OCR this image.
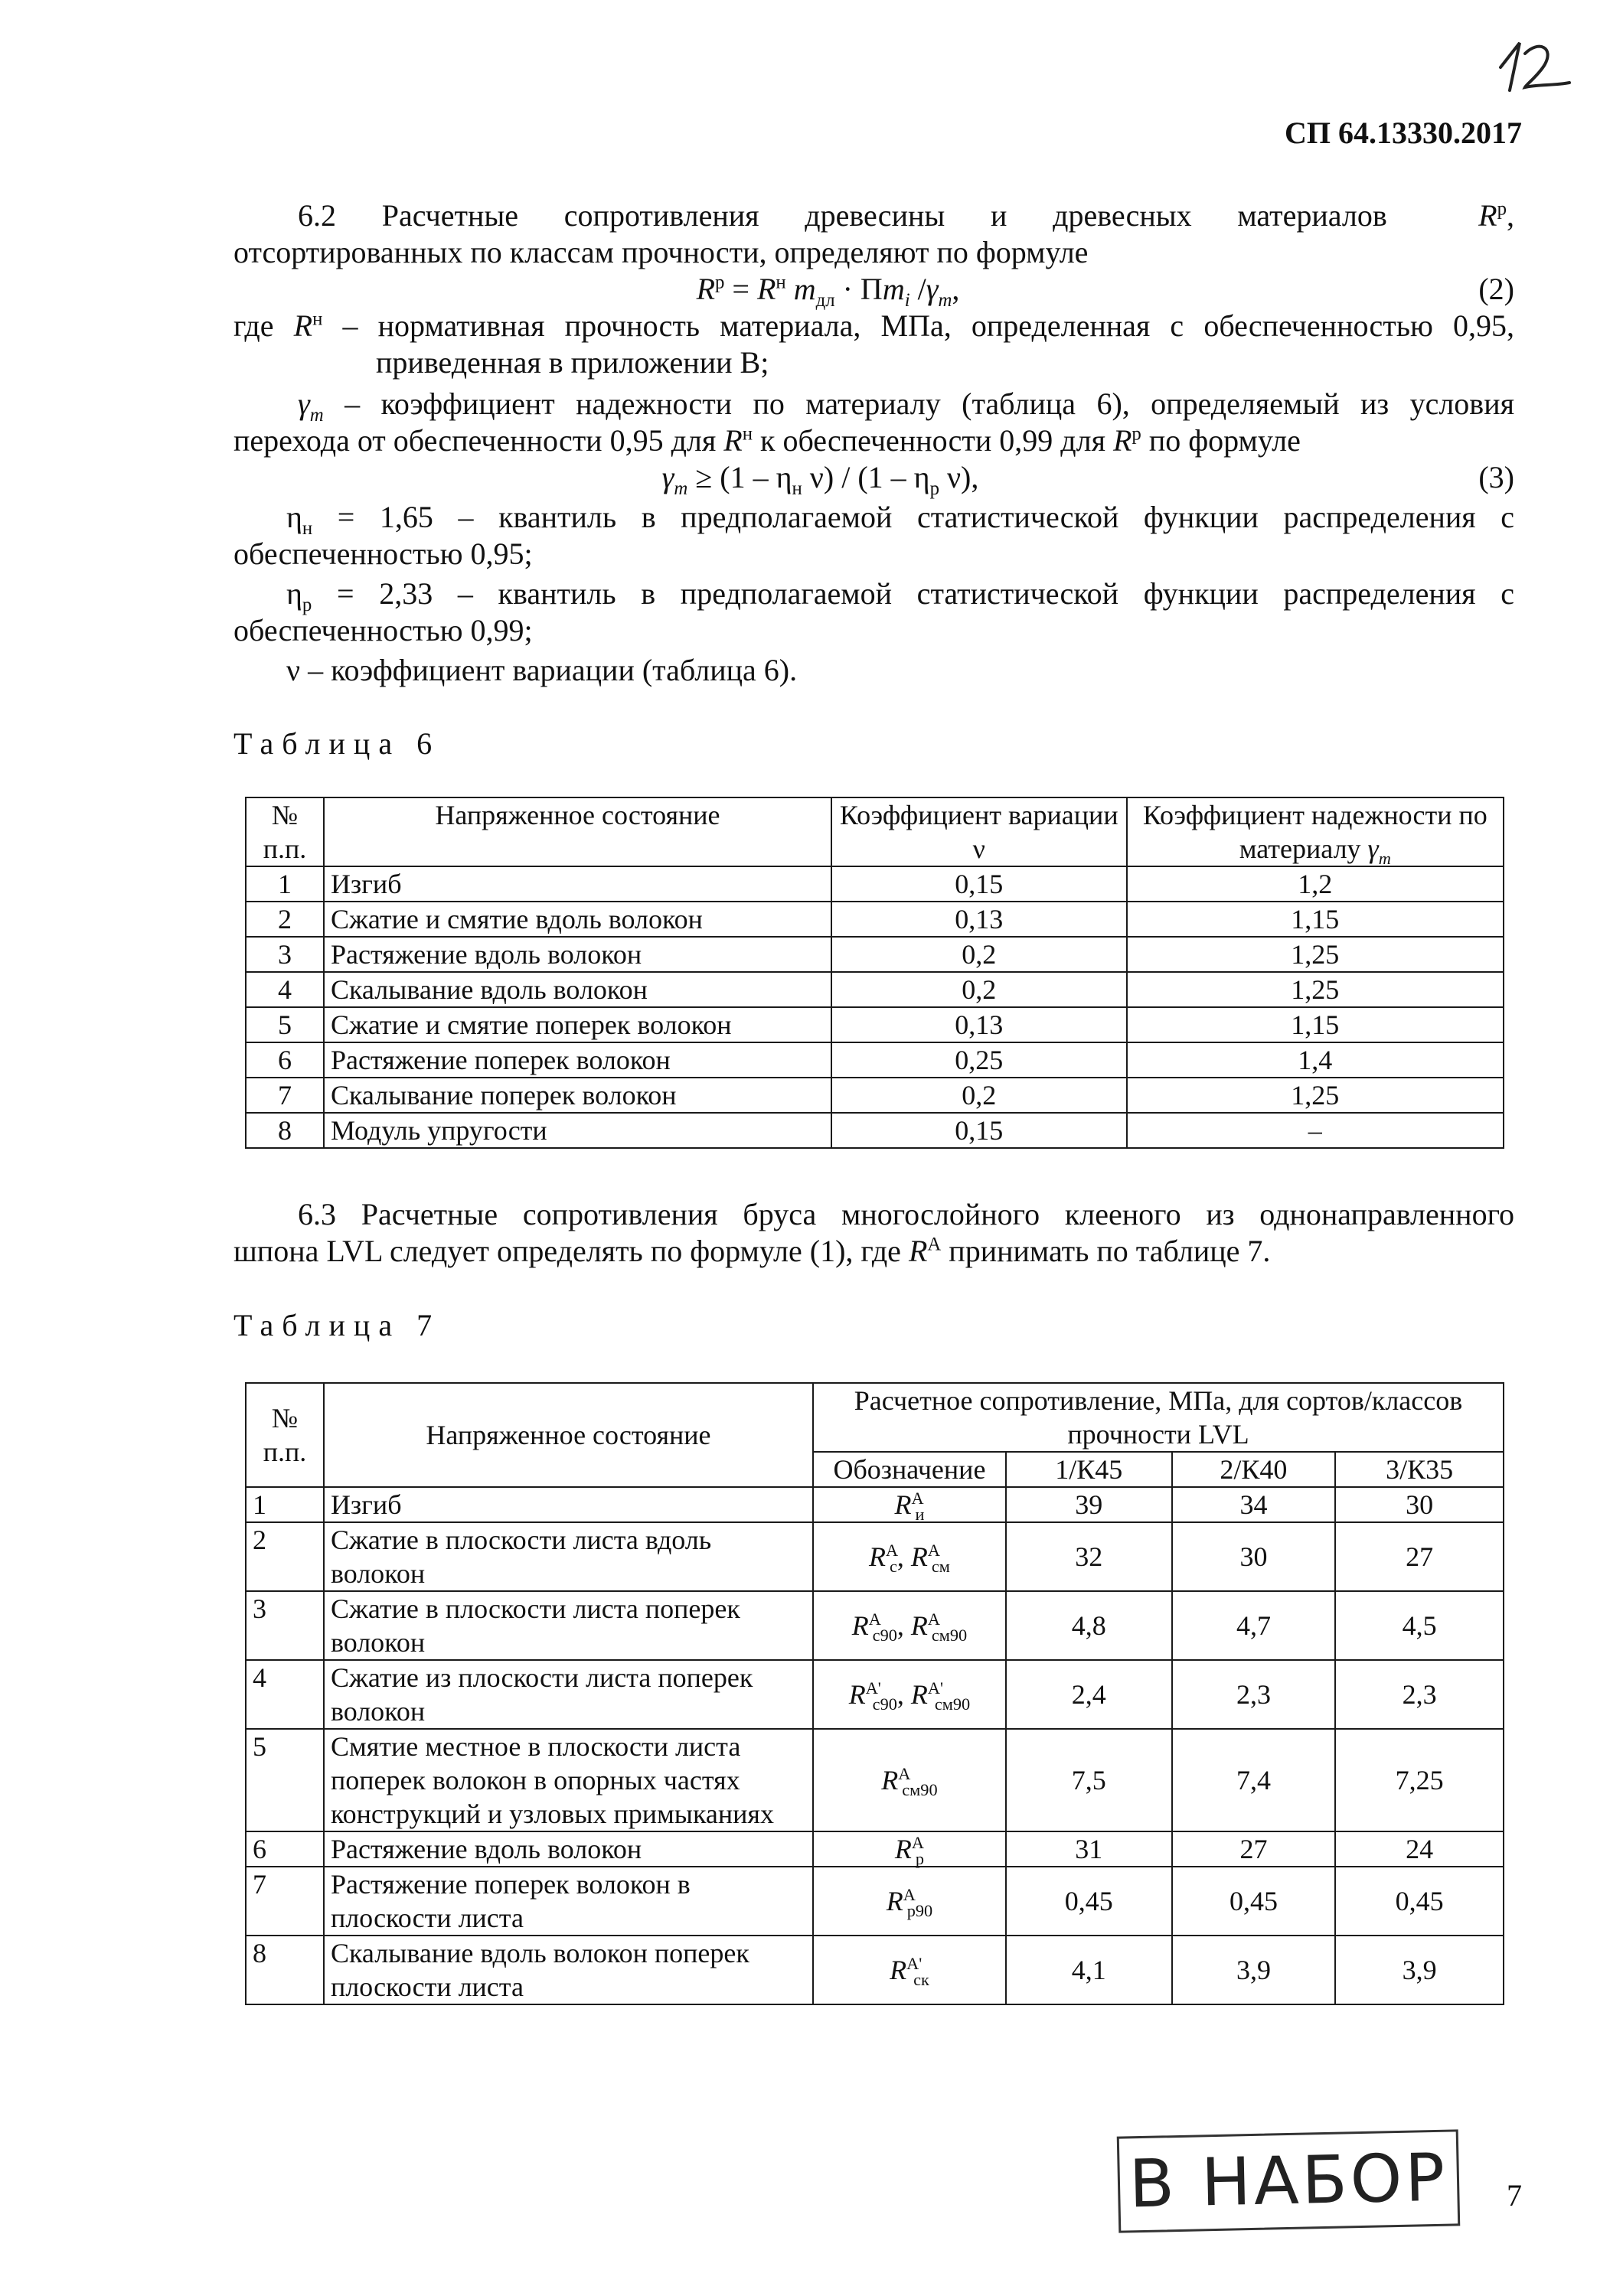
СП 64.13330.2017
6.2 Расчетные сопротивления древесины и древесных материалов	$R^р$,
отсортированных по классам прочности, определяют по формуле
$R^р = R^н$ $m_{дл} \cdot \Pi m_i$ $/\gamma_m$,	(2)
где $R^н$ – нормативная прочность материала, МПа, определенная с обеспеченностью 0,95,
приведенная в приложении В;
$\gamma_m$ – коэффициент надежности по материалу (таблица 6), определяемый из условия
перехода от обеспеченности 0,95 для $R^н$ к обеспеченности 0,99 для $R^р$ по формуле
$\gamma_m \ge (1 - \eta_н$ $\nu) / (1 - \eta_р$ ν),	(3)
$\eta_н = 1,65$ – квантиль в предполагаемой статистической функции распределения с
обеспеченностью 0,95;
$\eta_р = 2,33$ – квантиль в предполагаемой статистической функции распределения с
обеспеченностью 0,99;
ν – коэффициент вариации (таблица 6).
Таблица 6
№ п.п.	Напряженное состояние	Коэффициент вариации ν	Коэффициент надежности по материалу $\gamma_m$
1	Изгиб	0,15	1,2
2	Сжатие и смятие вдоль волокон	0,13	1,15
3	Растяжение вдоль волокон	0,2	1,25
4	Скалывание вдоль волокон	0,2	1,25
5	Сжатие и смятие поперек волокон	0,13	1,15
6	Растяжение поперек волокон	0,25	1,4
7	Скалывание поперек волокон	0,2	1,25
8	Модуль упругости	0,15	–
6.3 Расчетные сопротивления бруса многослойного клееного из однонаправленного
шпона LVL следует определять по формуле (1), где $R^А$ принимать по таблице 7.
Таблица 7
№ п.п.	Напряженное состояние	Расчетное сопротивление, МПа, для сортов/классов прочности LVL			
		Обозначение	1/К45	2/К40	3/К35
1	Изгиб	$R^А_и$	39	34	30
2	Сжатие в плоскости листа вдоль волокон	$R^А_с$, $R^А_{см}$	32	30	27
3	Сжатие в плоскости листа поперек волокон	$R^А_{с90}$, $R^А_{см90}$	4,8	4,7	4,5
4	Сжатие из плоскости листа поперек волокон	$R^{А'}_{с90}$, $R^{А'}_{см90}$	2,4	2,3	2,3
5	Смятие местное в плоскости листа поперек волокон в опорных частях конструкций и узловых примыканиях	$R^А_{см90}$	7,5	7,4	7,25
6	Растяжение вдоль волокон	$R^А_р$	31	27	24
7	Растяжение поперек волокон в плоскости листа	$R^А_{р90}$	0,45	0,45	0,45
8	Скалывание вдоль волокон поперек плоскости листа	$R^{А'}_{ск}$	4,1	3,9	3,9
7
В НАБОР
